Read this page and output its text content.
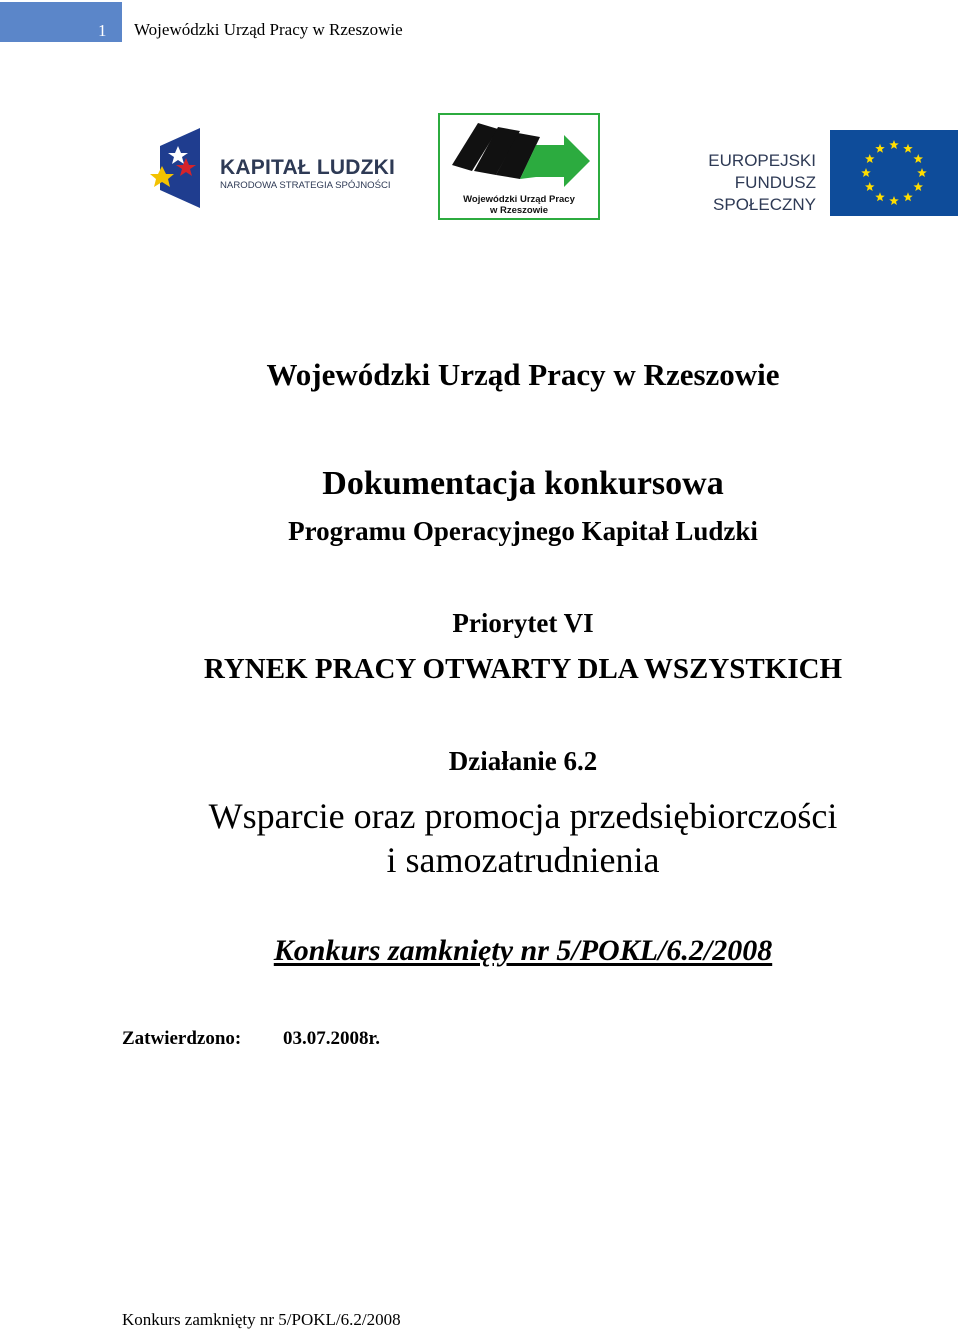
1 Wojewódzki Urząd Pracy w Rzeszowie
KAPITAŁ LUDZKI
NARODOWA STRATEGIA SPÓJNOŚCI
Wojewódzki Urząd Pracy
w Rzeszowie
EUROPEJSKI
FUNDUSZ SPOŁECZNY
Wojewódzki Urząd Pracy w Rzeszowie
Dokumentacja konkursowa
Programu Operacyjnego Kapitał Ludzki
Priorytet VI
RYNEK PRACY OTWARTY DLA WSZYSTKICH
Działanie 6.2
Wsparcie oraz promocja przedsiębiorczości
i samozatrudnienia
Konkurs zamknięty nr 5/POKL/6.2/2008
Zatwierdzono: 03.07.2008r.
Konkurs zamknięty nr 5/POKL/6.2/2008
